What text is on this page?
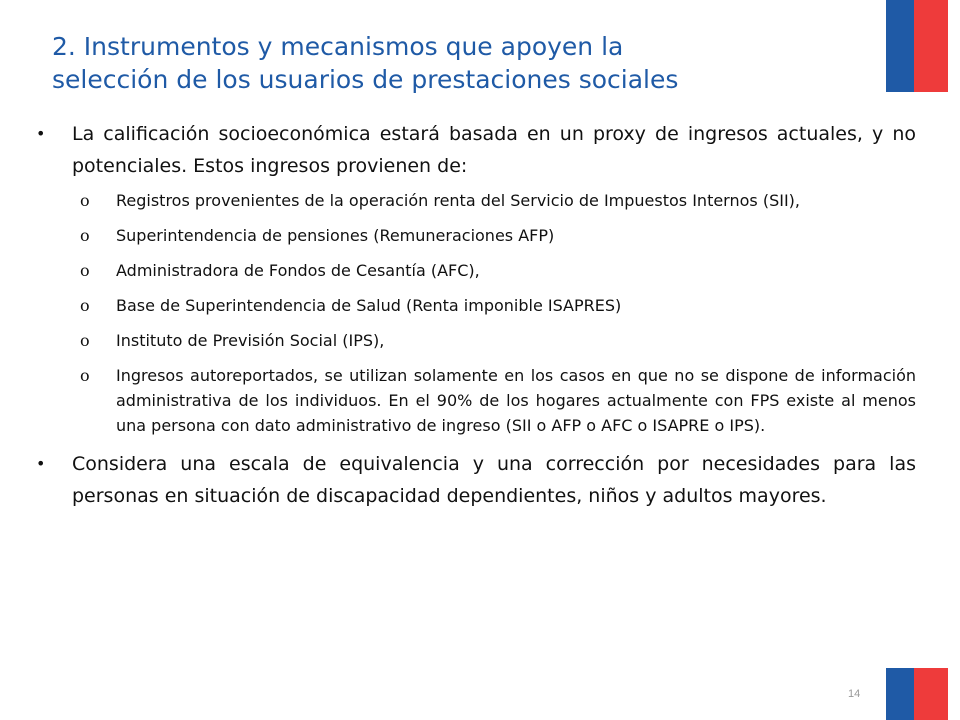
2. Instrumentos y mecanismos que apoyen la
selección de los usuarios de prestaciones sociales
•	La calificación socioeconómica estará basada en un proxy de ingresos actuales, y no potenciales. Estos ingresos provienen de:
o	Registros provenientes de la operación renta del Servicio de Impuestos Internos (SII),
o	Superintendencia de pensiones (Remuneraciones AFP)
o	Administradora de Fondos de Cesantía (AFC),
o	Base de Superintendencia de Salud (Renta imponible ISAPRES)
o	Instituto de Previsión Social (IPS),
o	Ingresos autoreportados, se utilizan solamente en los casos en que no se dispone de información administrativa de los individuos. En el 90% de los hogares actualmente con FPS existe al menos una persona con dato administrativo de ingreso (SII o AFP o AFC o ISAPRE o IPS).
•	Considera una escala de equivalencia y una corrección por necesidades para las personas en situación de discapacidad dependientes, niños y adultos mayores.
14
